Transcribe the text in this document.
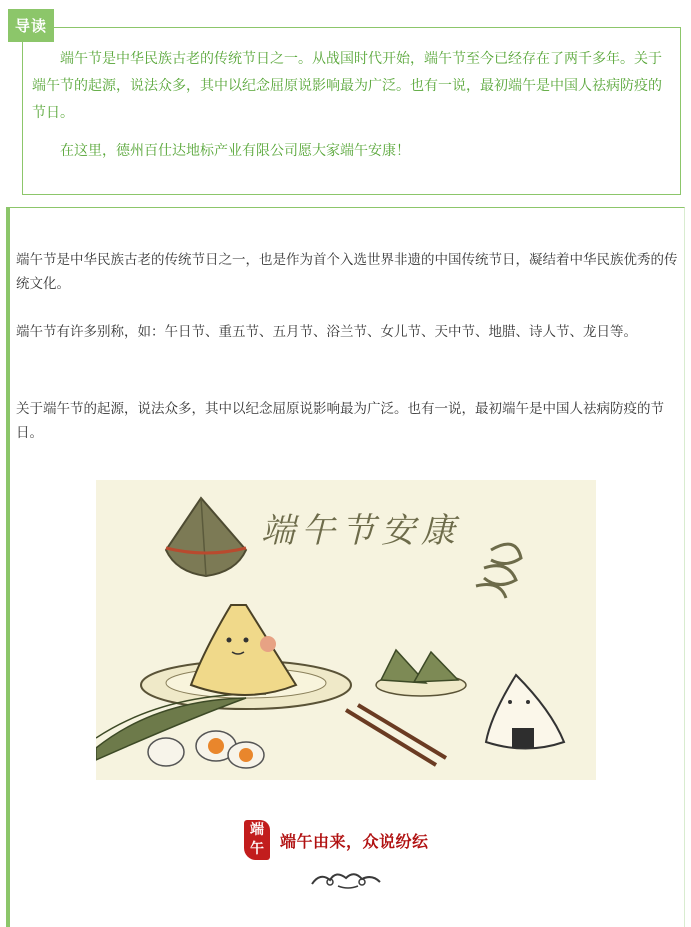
导读

端午节是中华民族古老的传统节日之一。从战国时代开始，端午节至今已经存在了两千多年。关于端午节的起源，说法众多，其中以纪念屈原说影响最为广泛。也有一说，最初端午是中国人祛病防疫的节日。

在这里，德州百仕达地标产业有限公司愿大家端午安康！

端午节是中华民族古老的传统节日之一，也是作为首个入选世界非遗的中国传统节日，凝结着中华民族优秀的传统文化。

端午节有许多别称，如：午日节、重五节、五月节、浴兰节、女儿节、天中节、地腊、诗人节、龙日等。

关于端午节的起源，说法众多，其中以纪念屈原说影响最为广泛。也有一说，最初端午是中国人祛病防疫的节日。

端午节安康
端午	端午由来，众说纷纭
